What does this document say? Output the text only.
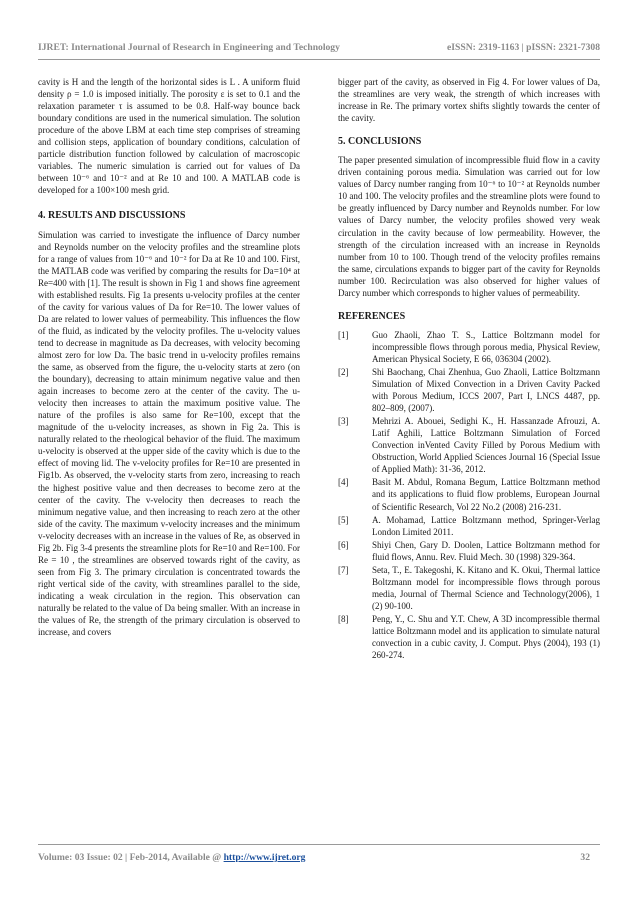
IJRET: International Journal of Research in Engineering and Technology	eISSN: 2319-1163 | pISSN: 2321-7308

cavity is H and the length of the horizontal sides is L . A uniform fluid density ρ = 1.0 is imposed initially. The porosity ε is set to 0.1 and the relaxation parameter τ is assumed to be 0.8. Half-way bounce back boundary conditions are used in the numerical simulation. The solution procedure of the above LBM at each time step comprises of streaming and collision steps, application of boundary conditions, calculation of particle distribution function followed by calculation of macroscopic variables. The numeric simulation is carried out for values of Da between 10⁻⁶ and 10⁻² and at Re 10 and 100. A MATLAB code is developed for a 100×100 mesh grid.

4. RESULTS AND DISCUSSIONS

Simulation was carried to investigate the influence of Darcy number and Reynolds number on the velocity profiles and the streamline plots for a range of values from 10⁻⁶ and 10⁻² for Da at Re 10 and 100. First, the MATLAB code was verified by comparing the results for Da=10⁴ at Re=400 with [1]. The result is shown in Fig 1 and shows fine agreement with established results. Fig 1a presents u-velocity profiles at the center of the cavity for various values of Da for Re=10. The lower values of Da are related to lower values of permeability. This influences the flow of the fluid, as indicated by the velocity profiles. The u-velocity values tend to decrease in magnitude as Da decreases, with velocity becoming almost zero for low Da. The basic trend in u-velocity profiles remains the same, as observed from the figure, the u-velocity starts at zero (on the boundary), decreasing to attain minimum negative value and then again increases to become zero at the center of the cavity. The u-velocity then increases to attain the maximum positive value. The nature of the profiles is also same for Re=100, except that the magnitude of the u-velocity increases, as shown in Fig 2a. This is naturally related to the rheological behavior of the fluid. The maximum u-velocity is observed at the upper side of the cavity which is due to the effect of moving lid. The v-velocity profiles for Re=10 are presented in Fig1b. As observed, the v-velocity starts from zero, increasing to reach the highest positive value and then decreases to become zero at the center of the cavity. The v-velocity then decreases to reach the minimum negative value, and then increasing to reach zero at the other side of the cavity. The maximum v-velocity increases and the minimum v-velocity decreases with an increase in the values of Re, as observed in Fig 2b. Fig 3-4 presents the streamline plots for Re=10 and Re=100. For Re = 10 , the streamlines are observed towards right of the cavity, as seen from Fig 3. The primary circulation is concentrated towards the right vertical side of the cavity, with streamlines parallel to the side, indicating a weak circulation in the region. This observation can naturally be related to the value of Da being smaller. With an increase in the values of Re, the strength of the primary circulation is observed to increase, and covers

bigger part of the cavity, as observed in Fig 4. For lower values of Da, the streamlines are very weak, the strength of which increases with increase in Re. The primary vortex shifts slightly towards the center of the cavity.

5. CONCLUSIONS

The paper presented simulation of incompressible fluid flow in a cavity driven containing porous media. Simulation was carried out for low values of Darcy number ranging from 10⁻⁶ to 10⁻² at Reynolds number 10 and 100. The velocity profiles and the streamline plots were found to be greatly influenced by Darcy number and Reynolds number. For low values of Darcy number, the velocity profiles showed very weak circulation in the cavity because of low permeability. However, the strength of the circulation increased with an increase in Reynolds number from 10 to 100. Though trend of the velocity profiles remains the same, circulations expands to bigger part of the cavity for Reynolds number 100. Recirculation was also observed for higher values of Darcy number which corresponds to higher values of permeability.

REFERENCES
[1]	Guo Zhaoli, Zhao T. S., Lattice Boltzmann model for incompressible flows through porous media, Physical Review, American Physical Society, E 66, 036304 (2002).
[2]	Shi Baochang, Chai Zhenhua, Guo Zhaoli, Lattice Boltzmann Simulation of Mixed Convection in a Driven Cavity Packed with Porous Medium, ICCS 2007, Part I, LNCS 4487, pp. 802–809, (2007).
[3]	Mehrizi A. Abouei, Sedighi K., H. Hassanzade Afrouzi, A. Latif Aghili, Lattice Boltzmann Simulation of Forced Convection inVented Cavity Filled by Porous Medium with Obstruction, World Applied Sciences Journal 16 (Special Issue of Applied Math): 31-36, 2012.
[4]	Basit M. Abdul, Romana Begum, Lattice Boltzmann method and its applications to fluid flow problems, European Journal of Scientific Research, Vol 22 No.2 (2008) 216-231.
[5]	A. Mohamad, Lattice Boltzmann method, Springer-Verlag London Limited 2011.
[6]	Shiyi Chen, Gary D. Doolen, Lattice Boltzmann method for fluid flows, Annu. Rev. Fluid Mech. 30 (1998) 329-364.
[7]	Seta, T., E. Takegoshi, K. Kitano and K. Okui, Thermal lattice Boltzmann model for incompressible flows through porous media, Journal of Thermal Science and Technology(2006), 1 (2) 90-100.
[8]	Peng, Y., C. Shu and Y.T. Chew, A 3D incompressible thermal lattice Boltzmann model and its application to simulate natural convection in a cubic cavity, J. Comput. Phys (2004), 193 (1) 260-274.
Volume: 03 Issue: 02 | Feb-2014, Available @ http://www.ijret.org	32
